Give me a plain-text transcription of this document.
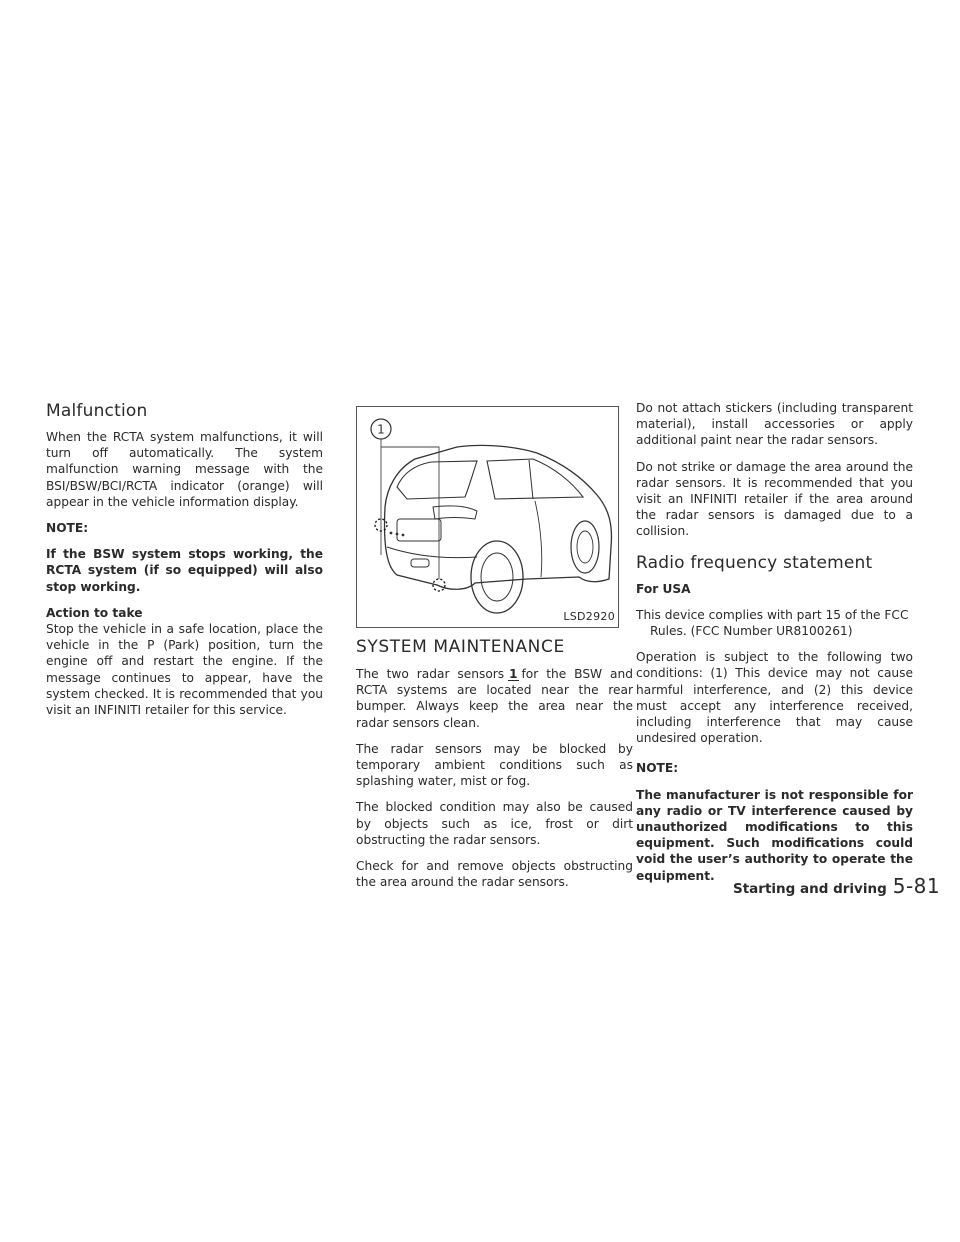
Malfunction

When the RCTA system malfunctions, it will turn off automatically. The system malfunction warning message with the BSI/BSW/BCI/RCTA indicator (orange) will appear in the vehicle information display.

NOTE:

If the BSW system stops working, the RCTA system (if so equipped) will also stop working.

Action to take
Stop the vehicle in a safe location, place the vehicle in the P (Park) position, turn the engine off and restart the engine. If the message continues to appear, have the system checked. It is recommended that you visit an INFINITI retailer for this service.

1
LSD2920
SYSTEM MAINTENANCE

The two radar sensors 1 for the BSW and RCTA systems are located near the rear bumper. Always keep the area near the radar sensors clean.

The radar sensors may be blocked by temporary ambient conditions such as splashing water, mist or fog.

The blocked condition may also be caused by objects such as ice, frost or dirt obstructing the radar sensors.

Check for and remove objects obstructing the area around the radar sensors.

Do not attach stickers (including transparent material), install accessories or apply additional paint near the radar sensors.

Do not strike or damage the area around the radar sensors. It is recommended that you visit an INFINITI retailer if the area around the radar sensors is damaged due to a collision.

Radio frequency statement
For USA

This device complies with part 15 of the FCC Rules. (FCC Number UR8100261)

Operation is subject to the following two conditions: (1) This device may not cause harmful interference, and (2) this device must accept any interference received, including interference that may cause undesired operation.

NOTE:

The manufacturer is not responsible for any radio or TV interference caused by unauthorized modifications to this equipment. Such modifications could void the user’s authority to operate the equipment.

Starting and driving 5-81
